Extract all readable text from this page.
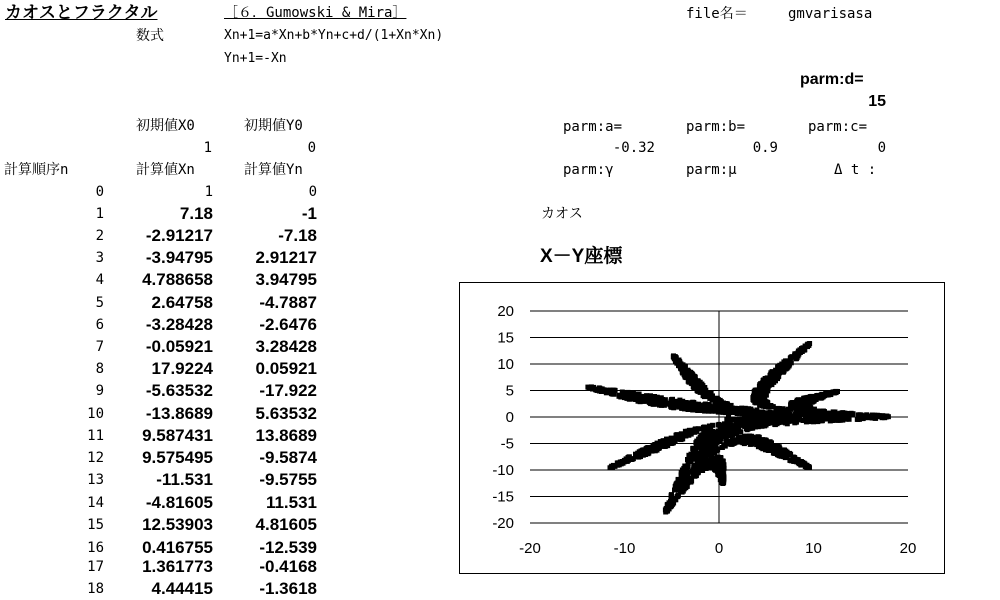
カオスとフラクタル	［６．Gumowski & Mira］	file名＝	gmvarisasa
数式	Xn+1=a*Xn+b*Yn+c+d/(1+Xn*Xn)
Yn+1=-Xn
parm:d=
15
初期値X0	初期値Y0
1	0
parm:a=	parm:b=	parm:c=
-0.32	0.9	0
parm:γ	parm:μ	Δ t :
カオス
計算順序n	計算値Xn	計算値Yn
0	1	0
1	7.18	-1
2	-2.91217	-7.18
3	-3.94795	2.91217
4	4.788658	3.94795
5	2.64758	-4.7887
6	-3.28428	-2.6476
7	-0.05921	3.28428
8	17.9224	0.05921
9	-5.63532	-17.922
10	-13.8689	5.63532
11	9.587431	13.8689
12	9.575495	-9.5874
13	-11.531	-9.5755
14	-4.81605	11.531
15	12.53903	4.81605
16	0.416755	-12.539
17	1.361773	-0.4168
18	4.44415	-1.3618
X－Y座標
20
15
10
5
0
-5
-10
-15
-20
-20	-10	0	10	20
